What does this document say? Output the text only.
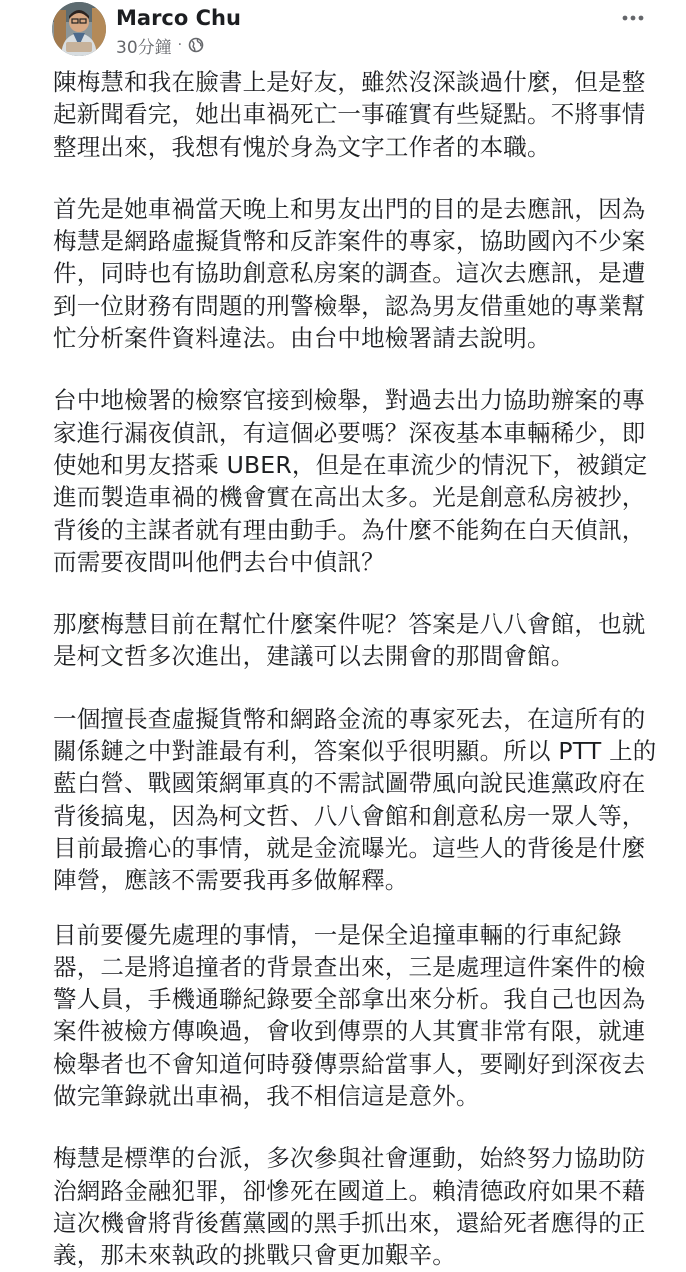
Marco Chu
30分鐘 ·

陳梅慧和我在臉書上是好友，雖然沒深談過什麼，但是整起新聞看完，她出車禍死亡一事確實有些疑點。不將事情整理出來，我想有愧於身為文字工作者的本職。

首先是她車禍當天晚上和男友出門的目的是去應訊，因為梅慧是網路虛擬貨幣和反詐案件的專家，協助國內不少案件，同時也有協助創意私房案的調查。這次去應訊，是遭到一位財務有問題的刑警檢舉，認為男友借重她的專業幫忙分析案件資料違法。由台中地檢署請去說明。

台中地檢署的檢察官接到檢舉，對過去出力協助辦案的專家進行漏夜偵訊，有這個必要嗎？深夜基本車輛稀少，即使她和男友搭乘 UBER，但是在車流少的情況下，被鎖定進而製造車禍的機會實在高出太多。光是創意私房被抄，背後的主謀者就有理由動手。為什麼不能夠在白天偵訊，而需要夜間叫他們去台中偵訊？

那麼梅慧目前在幫忙什麼案件呢？答案是八八會館，也就是柯文哲多次進出，建議可以去開會的那間會館。

一個擅長查虛擬貨幣和網路金流的專家死去，在這所有的關係鏈之中對誰最有利，答案似乎很明顯。所以 PTT 上的藍白營、戰國策網軍真的不需試圖帶風向說民進黨政府在背後搞鬼，因為柯文哲、八八會館和創意私房一眾人等，目前最擔心的事情，就是金流曝光。這些人的背後是什麼陣營，應該不需要我再多做解釋。

目前要優先處理的事情，一是保全追撞車輛的行車紀錄器，二是將追撞者的背景查出來，三是處理這件案件的檢警人員，手機通聯紀錄要全部拿出來分析。我自己也因為案件被檢方傳喚過，會收到傳票的人其實非常有限，就連檢舉者也不會知道何時發傳票給當事人，要剛好到深夜去做完筆錄就出車禍，我不相信這是意外。

梅慧是標準的台派，多次參與社會運動，始終努力協助防治網路金融犯罪，卻慘死在國道上。賴清德政府如果不藉這次機會將背後舊黨國的黑手抓出來，還給死者應得的正義，那未來執政的挑戰只會更加艱辛。
